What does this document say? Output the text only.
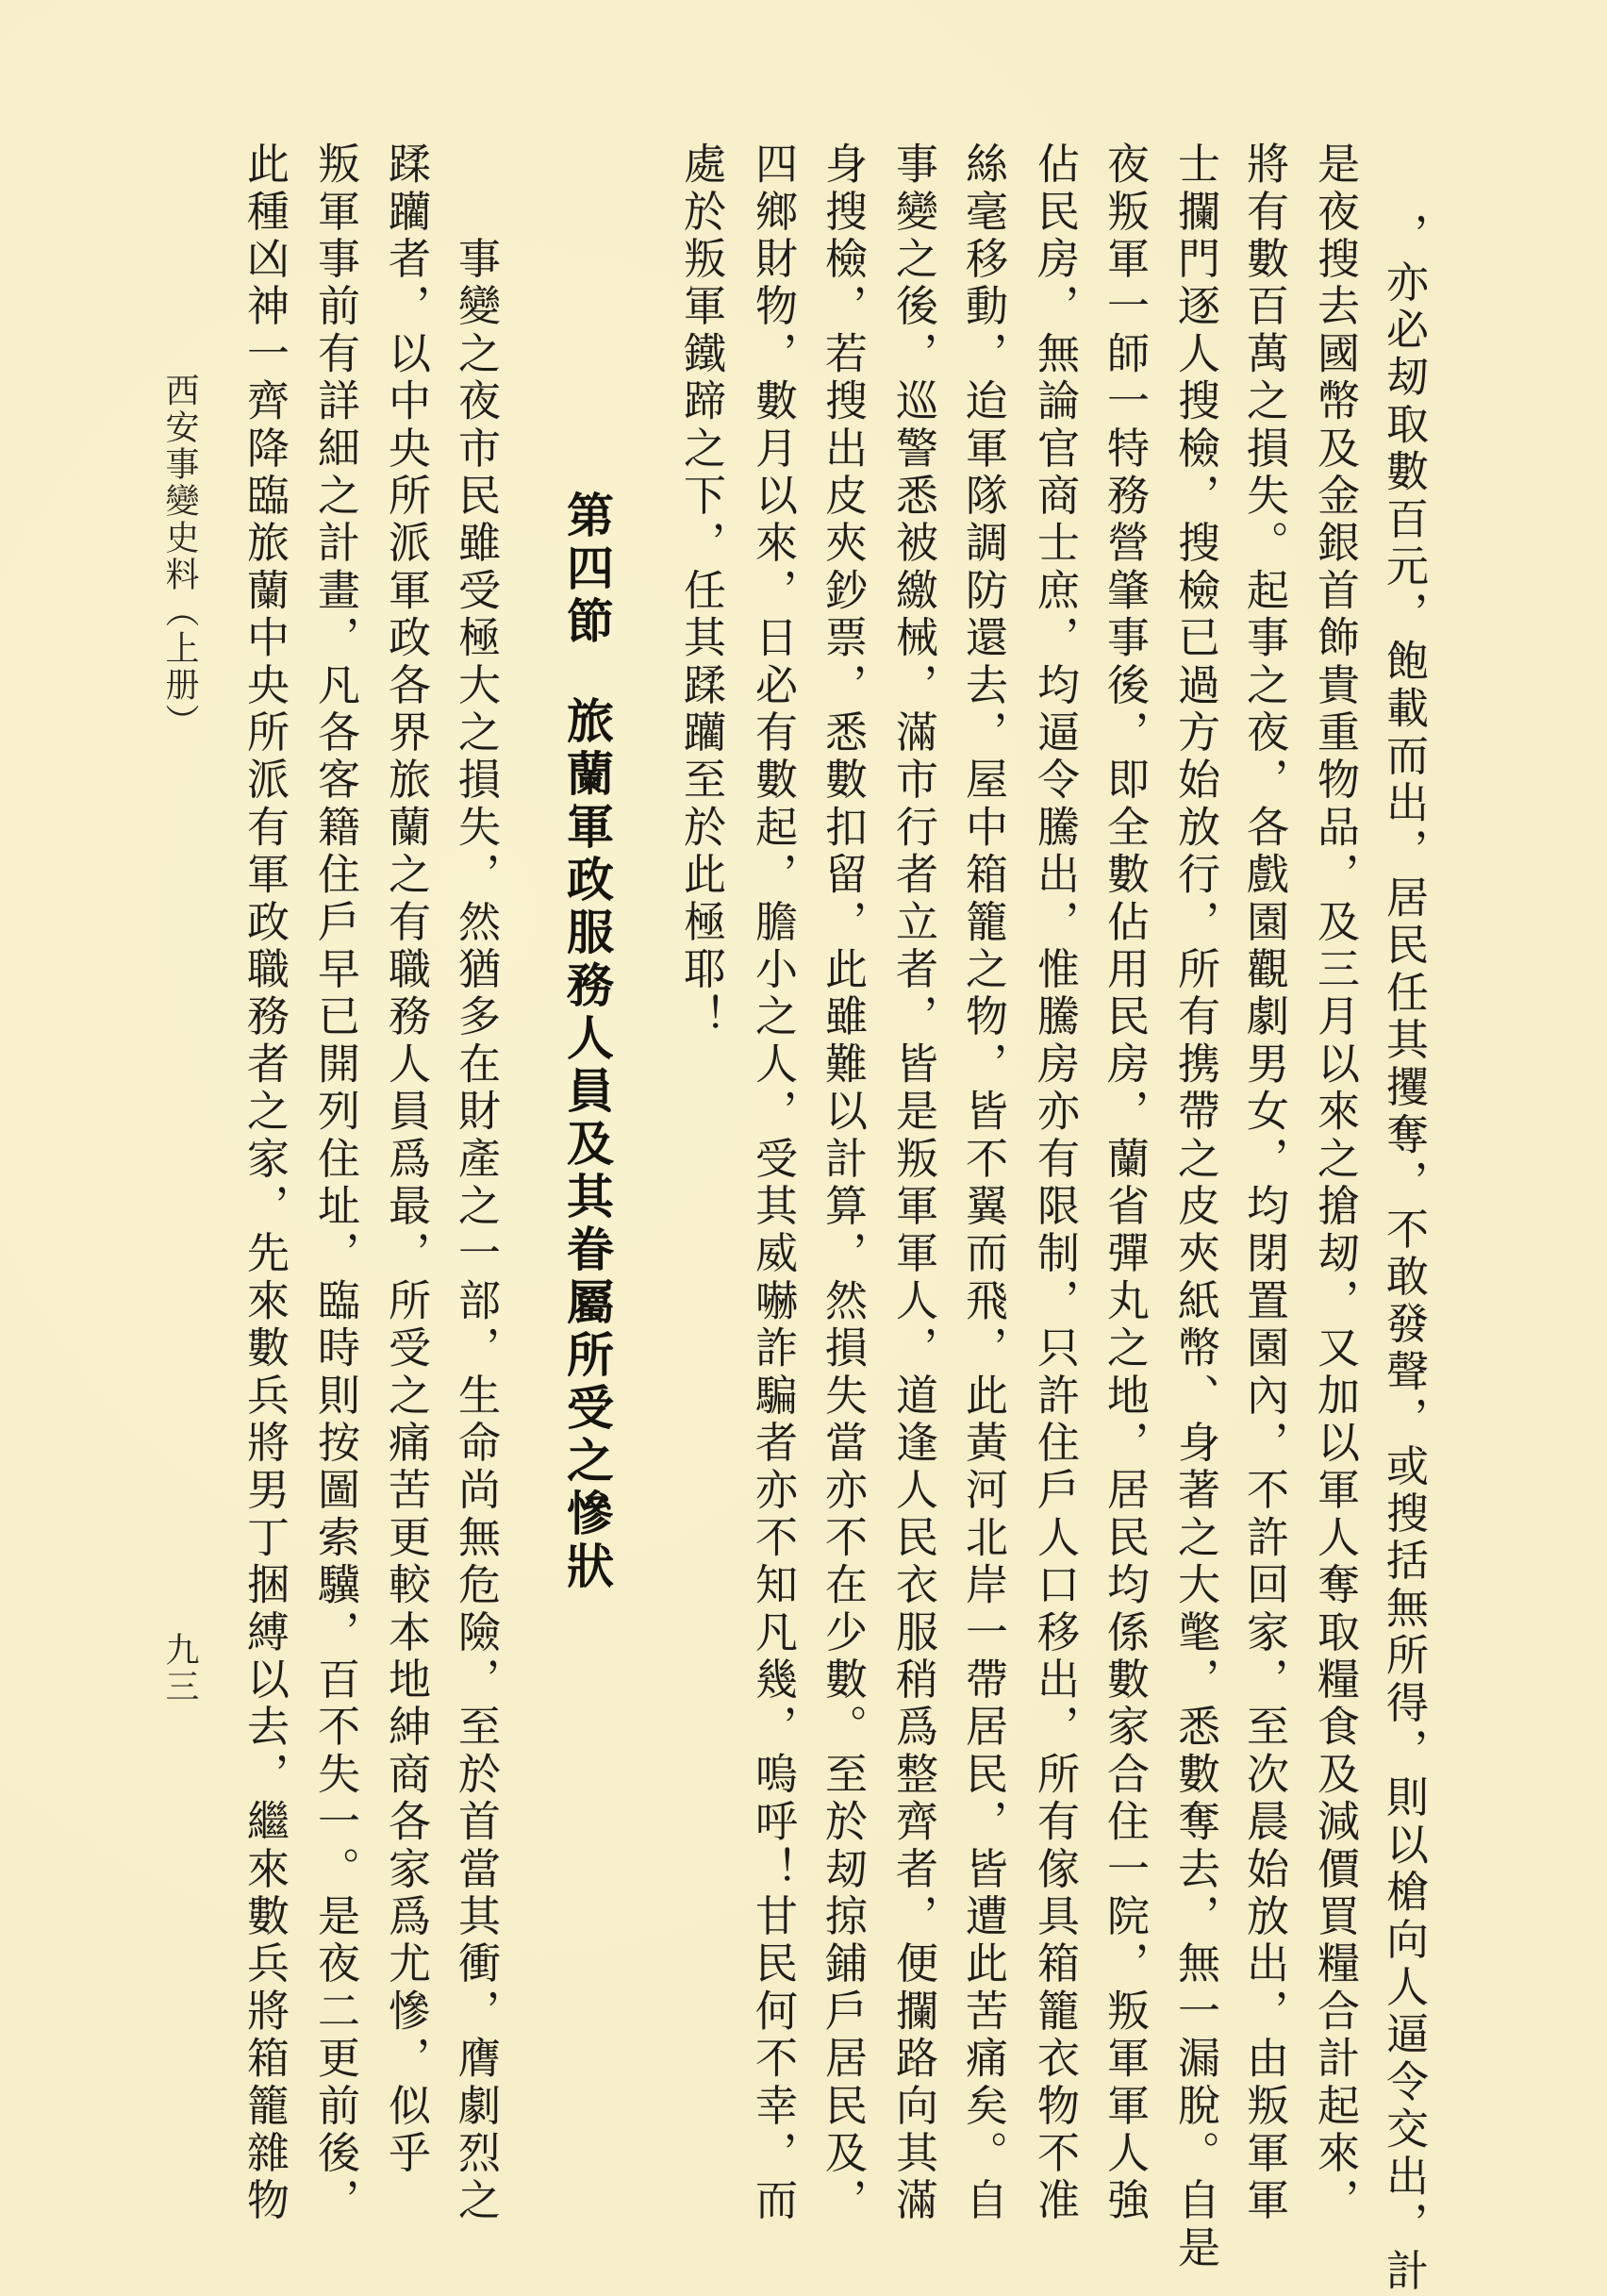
，亦必刼取數百元，飽載而出，居民任其攫奪，不敢發聲，或搜括無所得，則以槍向人逼令交出，計
是夜搜去國幣及金銀首飾貴重物品，及三月以來之搶刼，又加以軍人奪取糧食及減價買糧合計起來，
將有數百萬之損失。起事之夜，各戲園觀劇男女，均閉置園內，不許回家，至次晨始放出，由叛軍軍
士攔門逐人搜檢，搜檢已過方始放行，所有携帶之皮夾紙幣、身著之大氅，悉數奪去，無一漏脫。自是
夜叛軍一師一特務營肇事後，即全數佔用民房，蘭省彈丸之地，居民均係數家合住一院，叛軍軍人強
佔民房，無論官商士庶，均逼令騰出，惟騰房亦有限制，只許住戶人口移出，所有傢具箱籠衣物不准
絲毫移動，迨軍隊調防還去，屋中箱籠之物，皆不翼而飛，此黃河北岸一帶居民，皆遭此苦痛矣。自
事變之後，巡警悉被繳械，滿市行者立者，皆是叛軍軍人，道逢人民衣服稍爲整齊者，便攔路向其滿
身搜檢，若搜出皮夾鈔票，悉數扣留，此雖難以計算，然損失當亦不在少數。至於刼掠鋪戶居民及，
四鄉財物，數月以來，日必有數起，膽小之人，受其威嚇詐騙者亦不知凡幾，嗚呼！甘民何不幸，而
處於叛軍鐵蹄之下，任其蹂躪至於此極耶！
第四節旅蘭軍政服務人員及其眷屬所受之慘狀
　　事變之夜市民雖受極大之損失，然猶多在財產之一部，生命尚無危險，至於首當其衝，膺劇烈之
蹂躪者，以中央所派軍政各界旅蘭之有職務人員爲最，所受之痛苦更較本地紳商各家爲尤慘，似乎
叛軍事前有詳細之計畫，凡各客籍住戶早已開列住址，臨時則按圖索驥，百不失一。是夜二更前後，
此種凶神一齊降臨旅蘭中央所派有軍政職務者之家，先來數兵將男丁捆縛以去，繼來數兵將箱籠雜物
西安事變史料（上册）
九三
